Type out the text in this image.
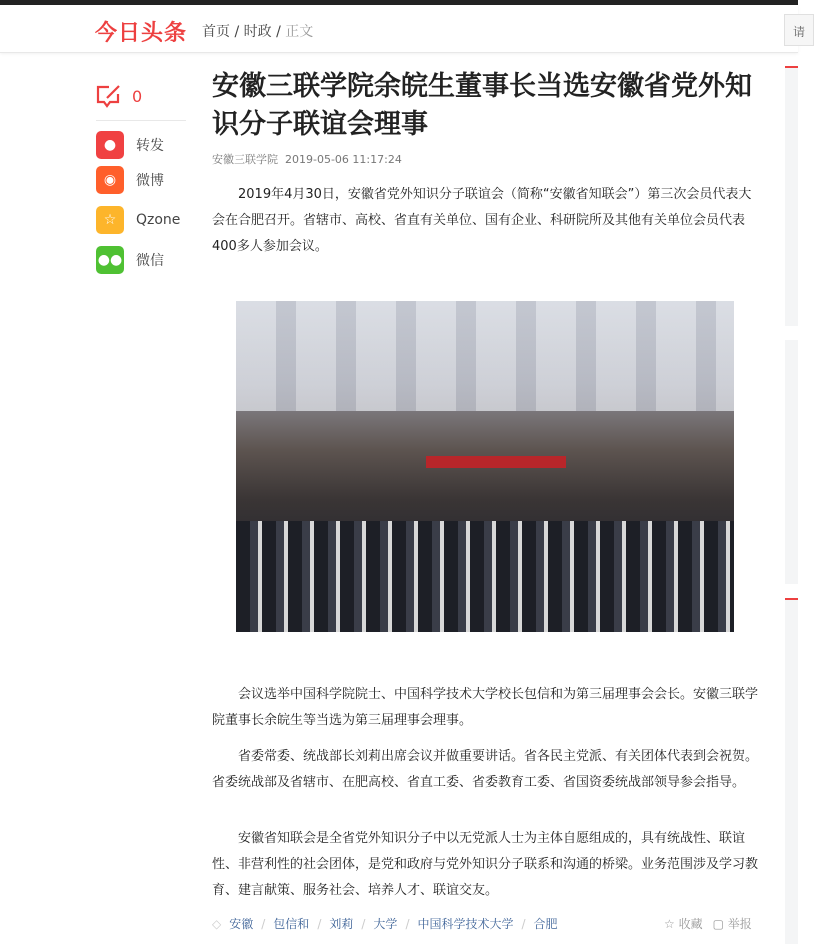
今日头条 首页 / 时政 / 正文	请
0
●	转发
◉	微博
☆	Qzone
●● 微信
安徽三联学院余皖生董事长当选安徽省党外知识分子联谊会理事
安徽三联学院 2019-05-06 11:17:24
2019年4月30日，安徽省党外知识分子联谊会（简称“安徽省知联会”）第三次会员代表大会在合肥召开。省辖市、高校、省直有关单位、国有企业、科研院所及其他有关单位会员代表400多人参加会议。
会议选举中国科学院院士、中国科学技术大学校长包信和为第三届理事会会长。安徽三联学院董事长余皖生等当选为第三届理事会理事。
省委常委、统战部长刘莉出席会议并做重要讲话。省各民主党派、有关团体代表到会祝贺。省委统战部及省辖市、在肥高校、省直工委、省委教育工委、省国资委统战部领导参会指导。
安徽省知联会是全省党外知识分子中以无党派人士为主体自愿组成的，具有统战性、联谊性、非营利性的社会团体，是党和政府与党外知识分子联系和沟通的桥梁。业务范围涉及学习教育、建言献策、服务社会、培养人才、联谊交友。
◇ 安徽 / 包信和 / 刘莉 / 大学 / 中国科学技术大学 / 合肥	☆ 收藏 ▢ 举报
